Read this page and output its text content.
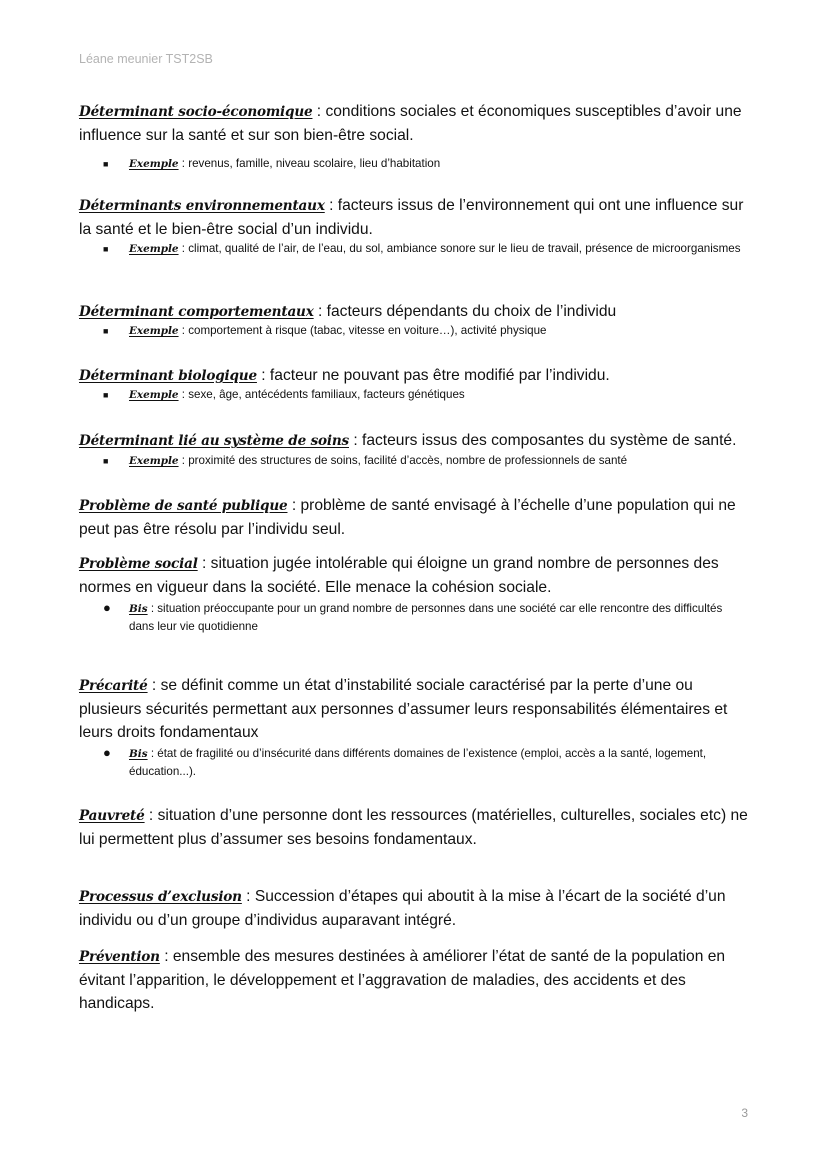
Léane meunier TST2SB

Déterminant socio-économique : conditions sociales et économiques susceptibles d’avoir une influence sur la santé et sur son bien-être social.

■	Exemple : revenus, famille, niveau scolaire, lieu d’habitation

Déterminants environnementaux : facteurs issus de l’environnement qui ont une influence sur la santé et le bien-être social d’un individu.

■	Exemple : climat, qualité de l’air, de l’eau, du sol, ambiance sonore sur le lieu de travail, présence de microorganismes

Déterminant comportementaux : facteurs dépendants du choix de l’individu

■	Exemple : comportement à risque (tabac, vitesse en voiture…), activité physique

Déterminant biologique : facteur ne pouvant pas être modifié par l’individu.

■	Exemple : sexe, âge, antécédents familiaux, facteurs génétiques

Déterminant lié au système de soins : facteurs issus des composantes du système de santé.

■	Exemple : proximité des structures de soins, facilité d’accès, nombre de professionnels de santé

Problème de santé publique : problème de santé envisagé à l’échelle d’une population qui ne peut pas être résolu par l’individu seul.

Problème social : situation jugée intolérable qui éloigne un grand nombre de personnes des normes en vigueur dans la société. Elle menace la cohésion sociale.

●	Bis : situation préoccupante pour un grand nombre de personnes dans une société car elle rencontre des difficultés dans leur vie quotidienne

Précarité : se définit comme un état d’instabilité sociale caractérisé par la perte d’une ou plusieurs sécurités permettant aux personnes d’assumer leurs responsabilités élémentaires et leurs droits fondamentaux

●	Bis : état de fragilité ou d’insécurité dans différents domaines de l’existence (emploi, accès a la santé, logement, éducation...).

Pauvreté : situation d’une personne dont les ressources (matérielles, culturelles, sociales etc) ne lui permettent plus d’assumer ses besoins fondamentaux.

Processus d’exclusion : Succession d’étapes qui aboutit à la mise à l’écart de la société d’un individu ou d’un groupe d’individus auparavant intégré.

Prévention : ensemble des mesures destinées à améliorer l’état de santé de la population en évitant l’apparition, le développement et l’aggravation de maladies, des accidents et des handicaps.

3
